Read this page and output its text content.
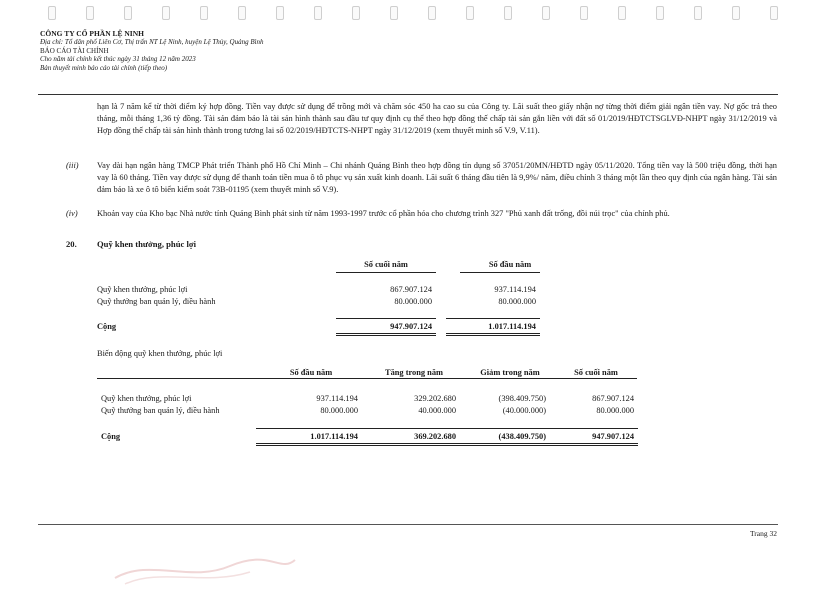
CÔNG TY CỔ PHẦN LỆ NINH
Địa chỉ: Tổ dân phố Liên Cơ, Thị trấn NT Lệ Ninh, huyện Lệ Thủy, Quảng Bình
BÁO CÁO TÀI CHÍNH
Cho năm tài chính kết thúc ngày 31 tháng 12 năm 2023
Bản thuyết minh báo cáo tài chính (tiếp theo)
hạn là 7 năm kể từ thời điểm ký hợp đồng. Tiền vay được sử dụng để trồng mới và chăm sóc 450 ha cao su của Công ty. Lãi suất theo giấy nhận nợ từng thời điểm giải ngân tiền vay. Nợ gốc trả theo tháng, mỗi tháng 1,36 tỷ đồng. Tài sản đảm bảo là tài sản hình thành sau đầu tư quy định cụ thể theo hợp đồng thế chấp tài sản gắn liền với đất số 01/2019/HĐTCTSGLVĐ-NHPT ngày 31/12/2019 và Hợp đồng thế chấp tài sản hình thành trong tương lai số 02/2019/HĐTCTS-NHPT ngày 31/12/2019 (xem thuyết minh số V.9, V.11).
(iii) Vay dài hạn ngân hàng TMCP Phát triển Thành phố Hồ Chí Minh – Chi nhánh Quảng Bình theo hợp đồng tín dụng số 37051/20MN/HĐTD ngày 05/11/2020. Tổng tiền vay là 500 triệu đồng, thời hạn vay là 60 tháng. Tiền vay được sử dụng để thanh toán tiền mua ô tô phục vụ sản xuất kinh doanh. Lãi suất 6 tháng đầu tiên là 9,9%/ năm, điều chỉnh 3 tháng một lần theo quy định của ngân hàng. Tài sản đảm bảo là xe ô tô biển kiểm soát 73B-01195 (xem thuyết minh số V.9).
(iv) Khoản vay của Kho bạc Nhà nước tỉnh Quảng Bình phát sinh từ năm 1993-1997 trước cổ phần hóa cho chương trình 327 "Phủ xanh đất trống, đồi núi trọc" của chính phủ.
20. Quỹ khen thưởng, phúc lợi
Số cuối năm	Số đầu năm
Quỹ khen thưởng, phúc lợi	867.907.124	937.114.194
Quỹ thưởng ban quản lý, điều hành	80.000.000	80.000.000
Cộng	947.907.124	1.017.114.194
Biến động quỹ khen thưởng, phúc lợi
Số đầu năm	Tăng trong năm	Giảm trong năm	Số cuối năm
Quỹ khen thưởng, phúc lợi	937.114.194	329.202.680	(398.409.750)	867.907.124
Quỹ thưởng ban quản lý, điều hành	80.000.000	40.000.000	(40.000.000)	80.000.000
Cộng	1.017.114.194	369.202.680	(438.409.750)	947.907.124
Trang 32
